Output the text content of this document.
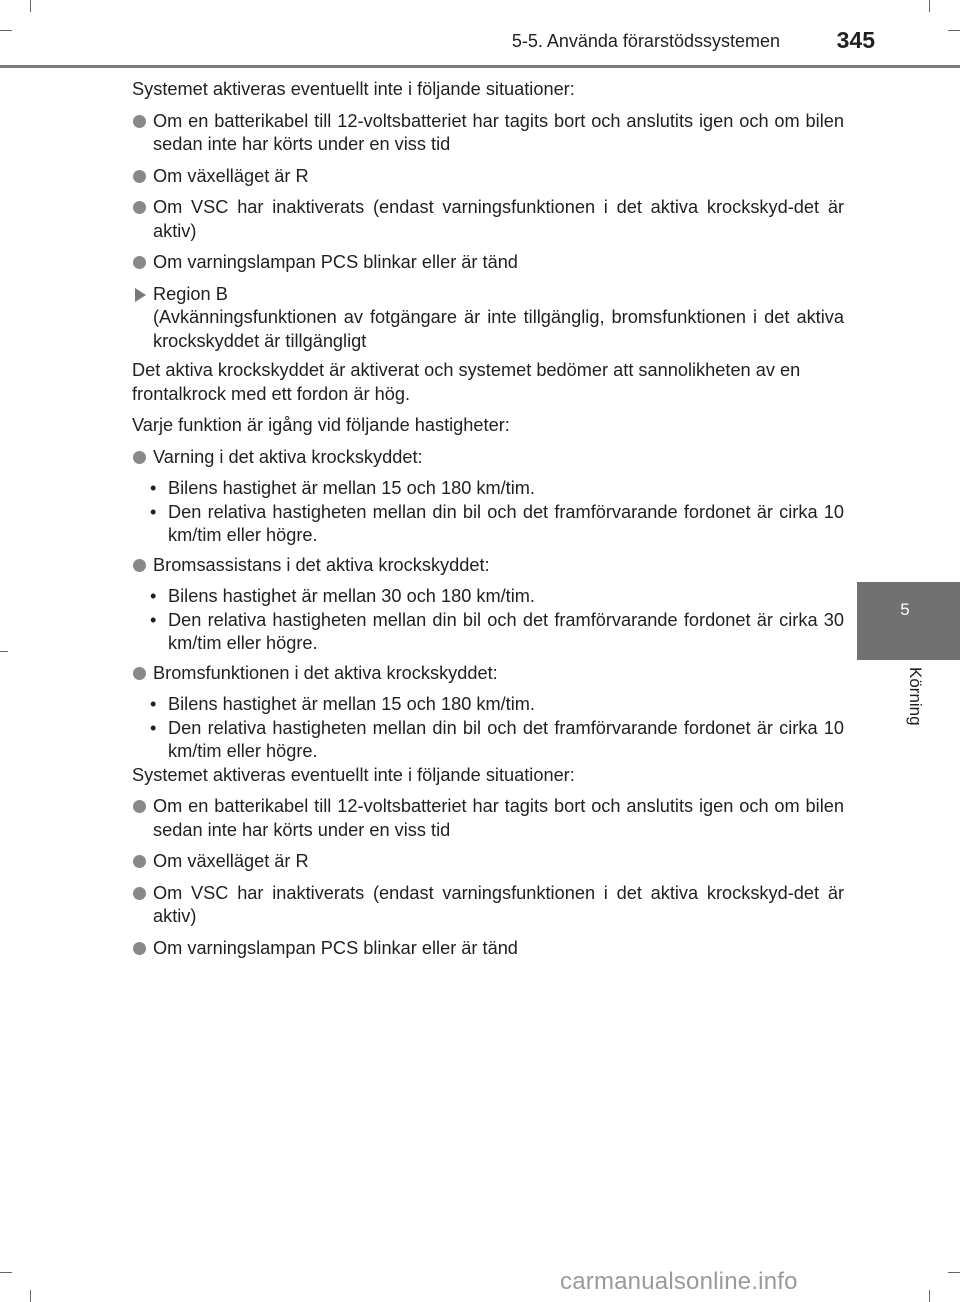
5-5. Använda förarstödssystemen	345
5
Körning

Systemet aktiveras eventuellt inte i följande situationer:

Om en batterikabel till 12-voltsbatteriet har tagits bort och anslutits igen och om bilen sedan inte har körts under en viss tid
Om växelläget är R
Om VSC har inaktiverats (endast varningsfunktionen i det aktiva krockskyd-det är aktiv)
Om varningslampan PCS blinkar eller är tänd
Region B
(Avkänningsfunktionen av fotgängare är inte tillgänglig, bromsfunktionen i det aktiva krockskyddet är tillgängligt

Det aktiva krockskyddet är aktiverat och systemet bedömer att sannolikheten av en frontalkrock med ett fordon är hög.

Varje funktion är igång vid följande hastigheter:

Varning i det aktiva krockskyddet:
• Bilens hastighet är mellan 15 och 180 km/tim.
• Den relativa hastigheten mellan din bil och det framförvarande fordonet är cirka 10 km/tim eller högre.
Bromsassistans i det aktiva krockskyddet:
• Bilens hastighet är mellan 30 och 180 km/tim.
• Den relativa hastigheten mellan din bil och det framförvarande fordonet är cirka 30 km/tim eller högre.
Bromsfunktionen i det aktiva krockskyddet:
• Bilens hastighet är mellan 15 och 180 km/tim.
• Den relativa hastigheten mellan din bil och det framförvarande fordonet är cirka 10 km/tim eller högre.

Systemet aktiveras eventuellt inte i följande situationer:

Om en batterikabel till 12-voltsbatteriet har tagits bort och anslutits igen och om bilen sedan inte har körts under en viss tid
Om växelläget är R
Om VSC har inaktiverats (endast varningsfunktionen i det aktiva krockskyd-det är aktiv)
Om varningslampan PCS blinkar eller är tänd
carmanualsonline.info
